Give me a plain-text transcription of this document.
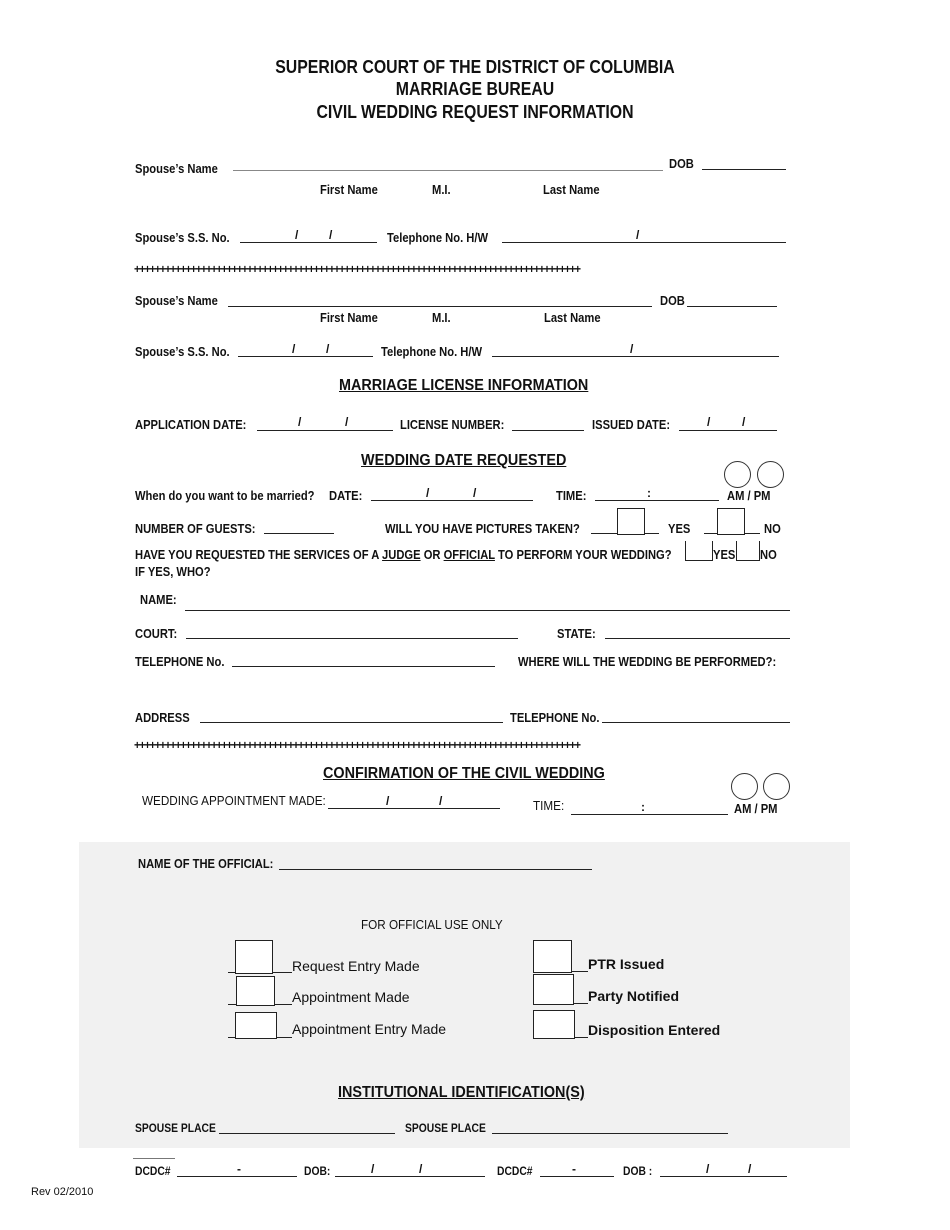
SUPERIOR COURT OF THE DISTRICT OF COLUMBIA
MARRIAGE BUREAU
CIVIL WEDDING REQUEST INFORMATION
Spouse’s Name	DOB
First Name	M.I.	Last Name
Spouse’s S.S. No.	/	/	Telephone No. H/W	/
+++++++++++++++++++++++++++++++++++++++++++++++++++++++++++++++++++++++++++++++++++++++
Spouse’s Name	DOB
First Name	M.I.	Last Name
Spouse’s S.S. No.	/	/	Telephone No. H/W	/
MARRIAGE LICENSE INFORMATION
APPLICATION DATE:	/	/	LICENSE NUMBER:	ISSUED DATE:	/	/
WEDDING DATE REQUESTED
When do you want to be married? DATE:	/	/	TIME:	:	AM / PM
NUMBER OF GUESTS:	WILL YOU HAVE PICTURES TAKEN?	YES	NO
HAVE YOU REQUESTED THE SERVICES OF A JUDGE OR OFFICIAL TO PERFORM YOUR WEDDING?	YES NO
IF YES, WHO?
NAME:
COURT:	STATE:
TELEPHONE No.	WHERE WILL THE WEDDING BE PERFORMED?:
ADDRESS	TELEPHONE No.
+++++++++++++++++++++++++++++++++++++++++++++++++++++++++++++++++++++++++++++++++++++++
CONFIRMATION OF THE CIVIL WEDDING
WEDDING APPOINTMENT MADE:	/	/	TIME:	:	AM / PM
NAME OF THE OFFICIAL:
FOR OFFICIAL USE ONLY
Request Entry Made
Appointment Made
Appointment Entry Made
PTR Issued
Party Notified
Disposition Entered
INSTITUTIONAL IDENTIFICATION(S)
SPOUSE PLACE	SPOUSE PLACE
DCDC#	-	DOB:	/	/	DCDC#	-	DOB :	/	/
Rev 02/2010
